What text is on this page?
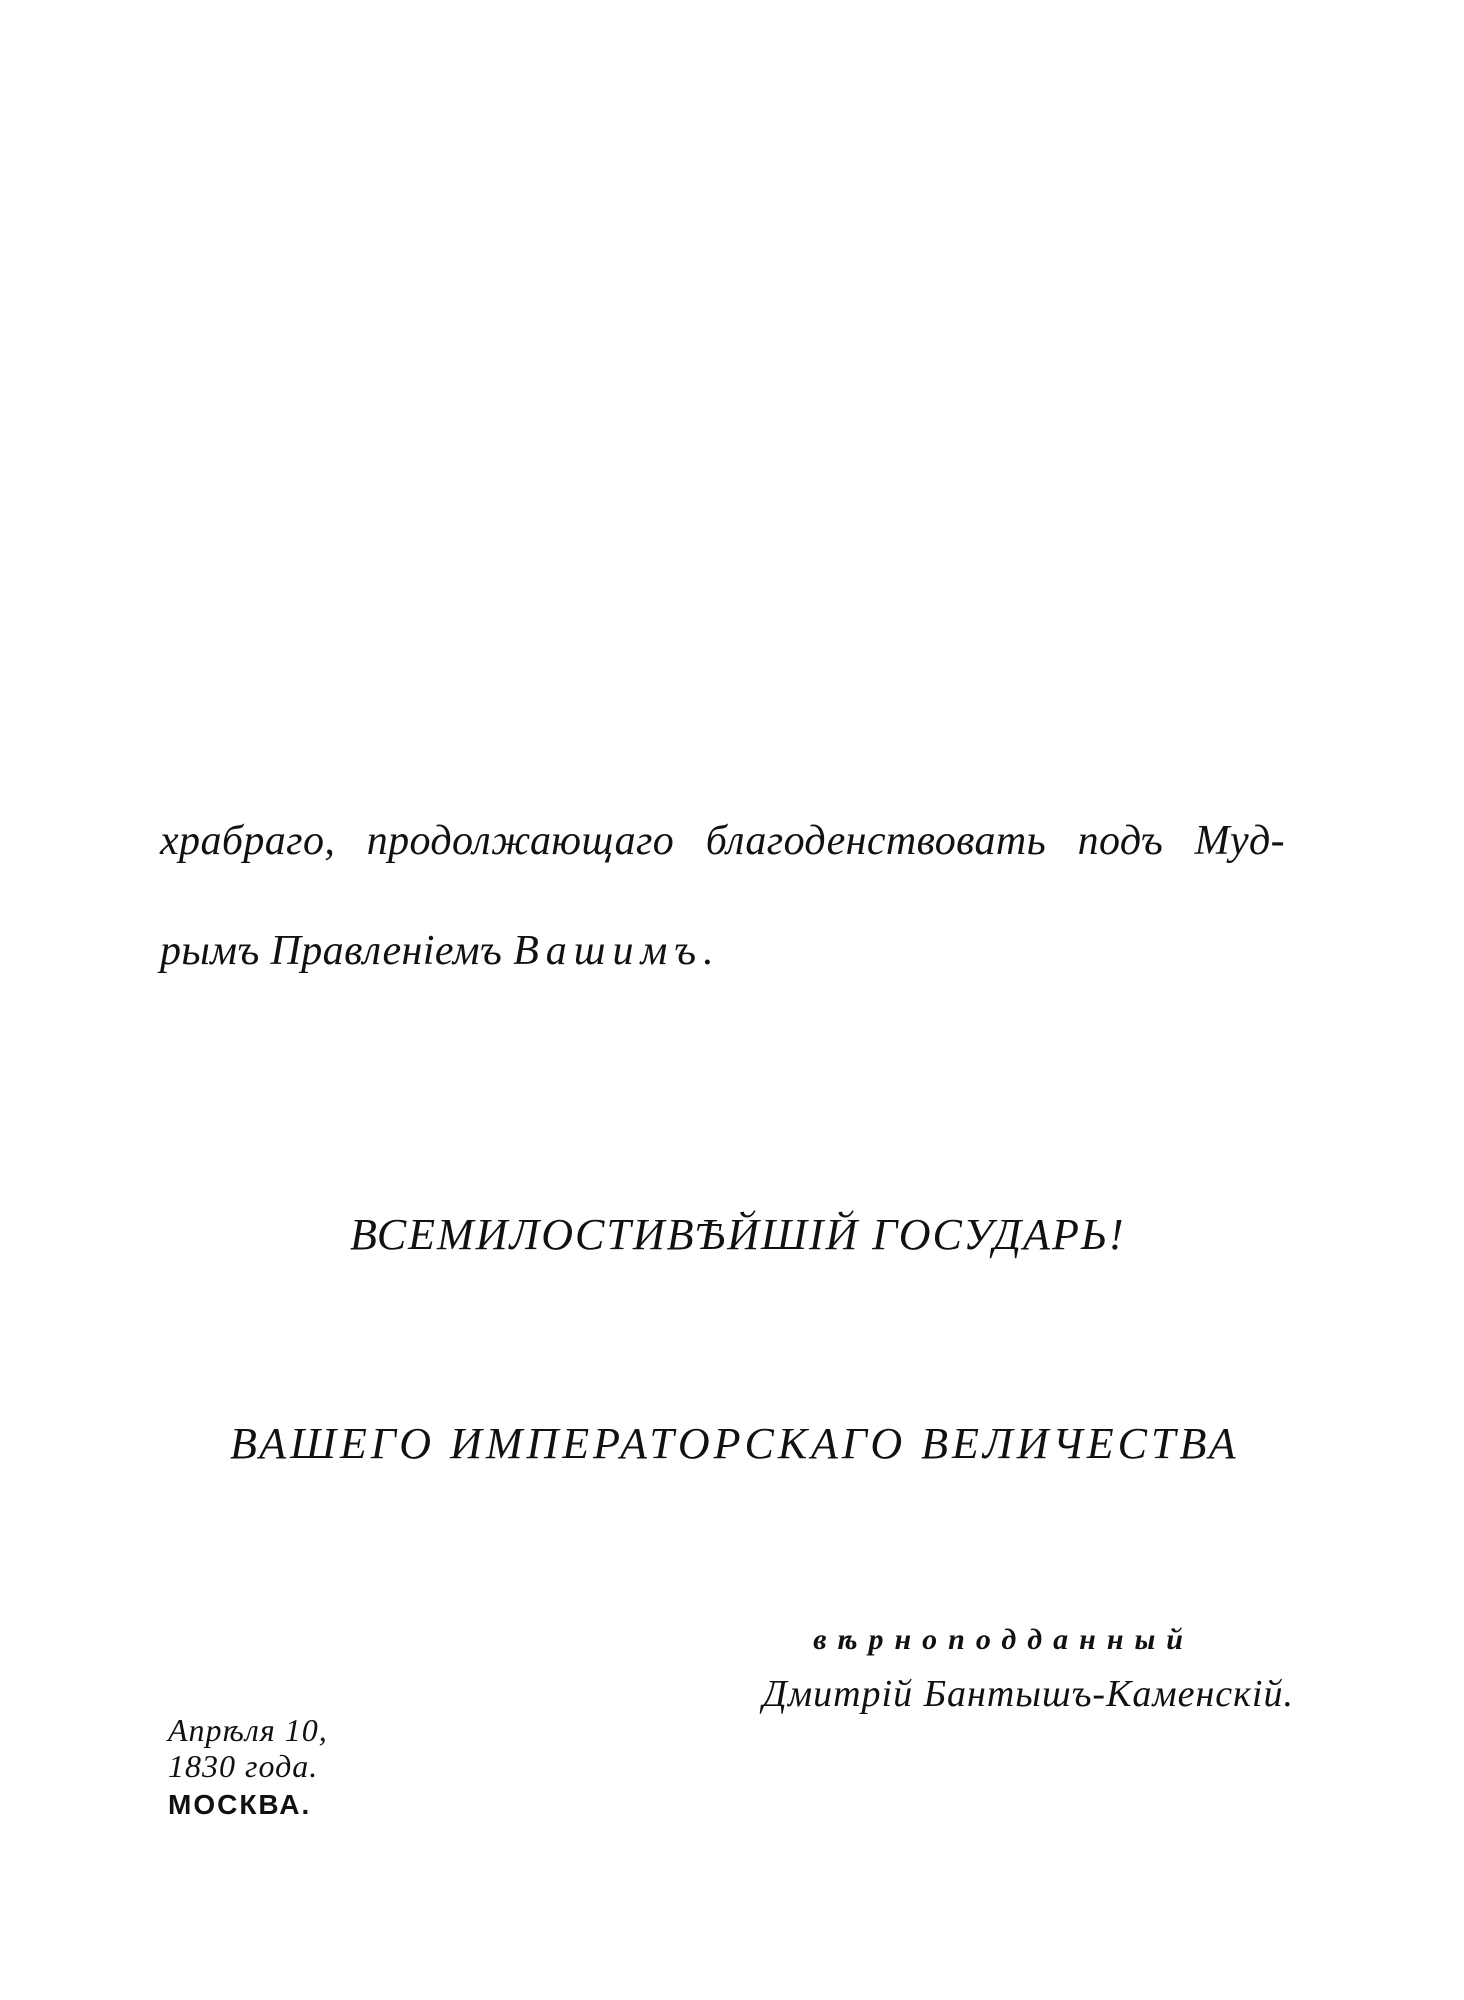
храбраго, продолжающаго благоденствовать подъ Муд-
рымъ Правленіемъ Вашимъ.
ВСЕМИЛОСТИВѢЙШІЙ ГОСУДАРЬ!
ВАШЕГО ИМПЕРАТОРСКАГО ВЕЛИЧЕСТВА
вѣрноподданный
Дмитрій Бантышъ-Каменскій.
Апрѣля 10,
1830 года.
МОСКВА.
